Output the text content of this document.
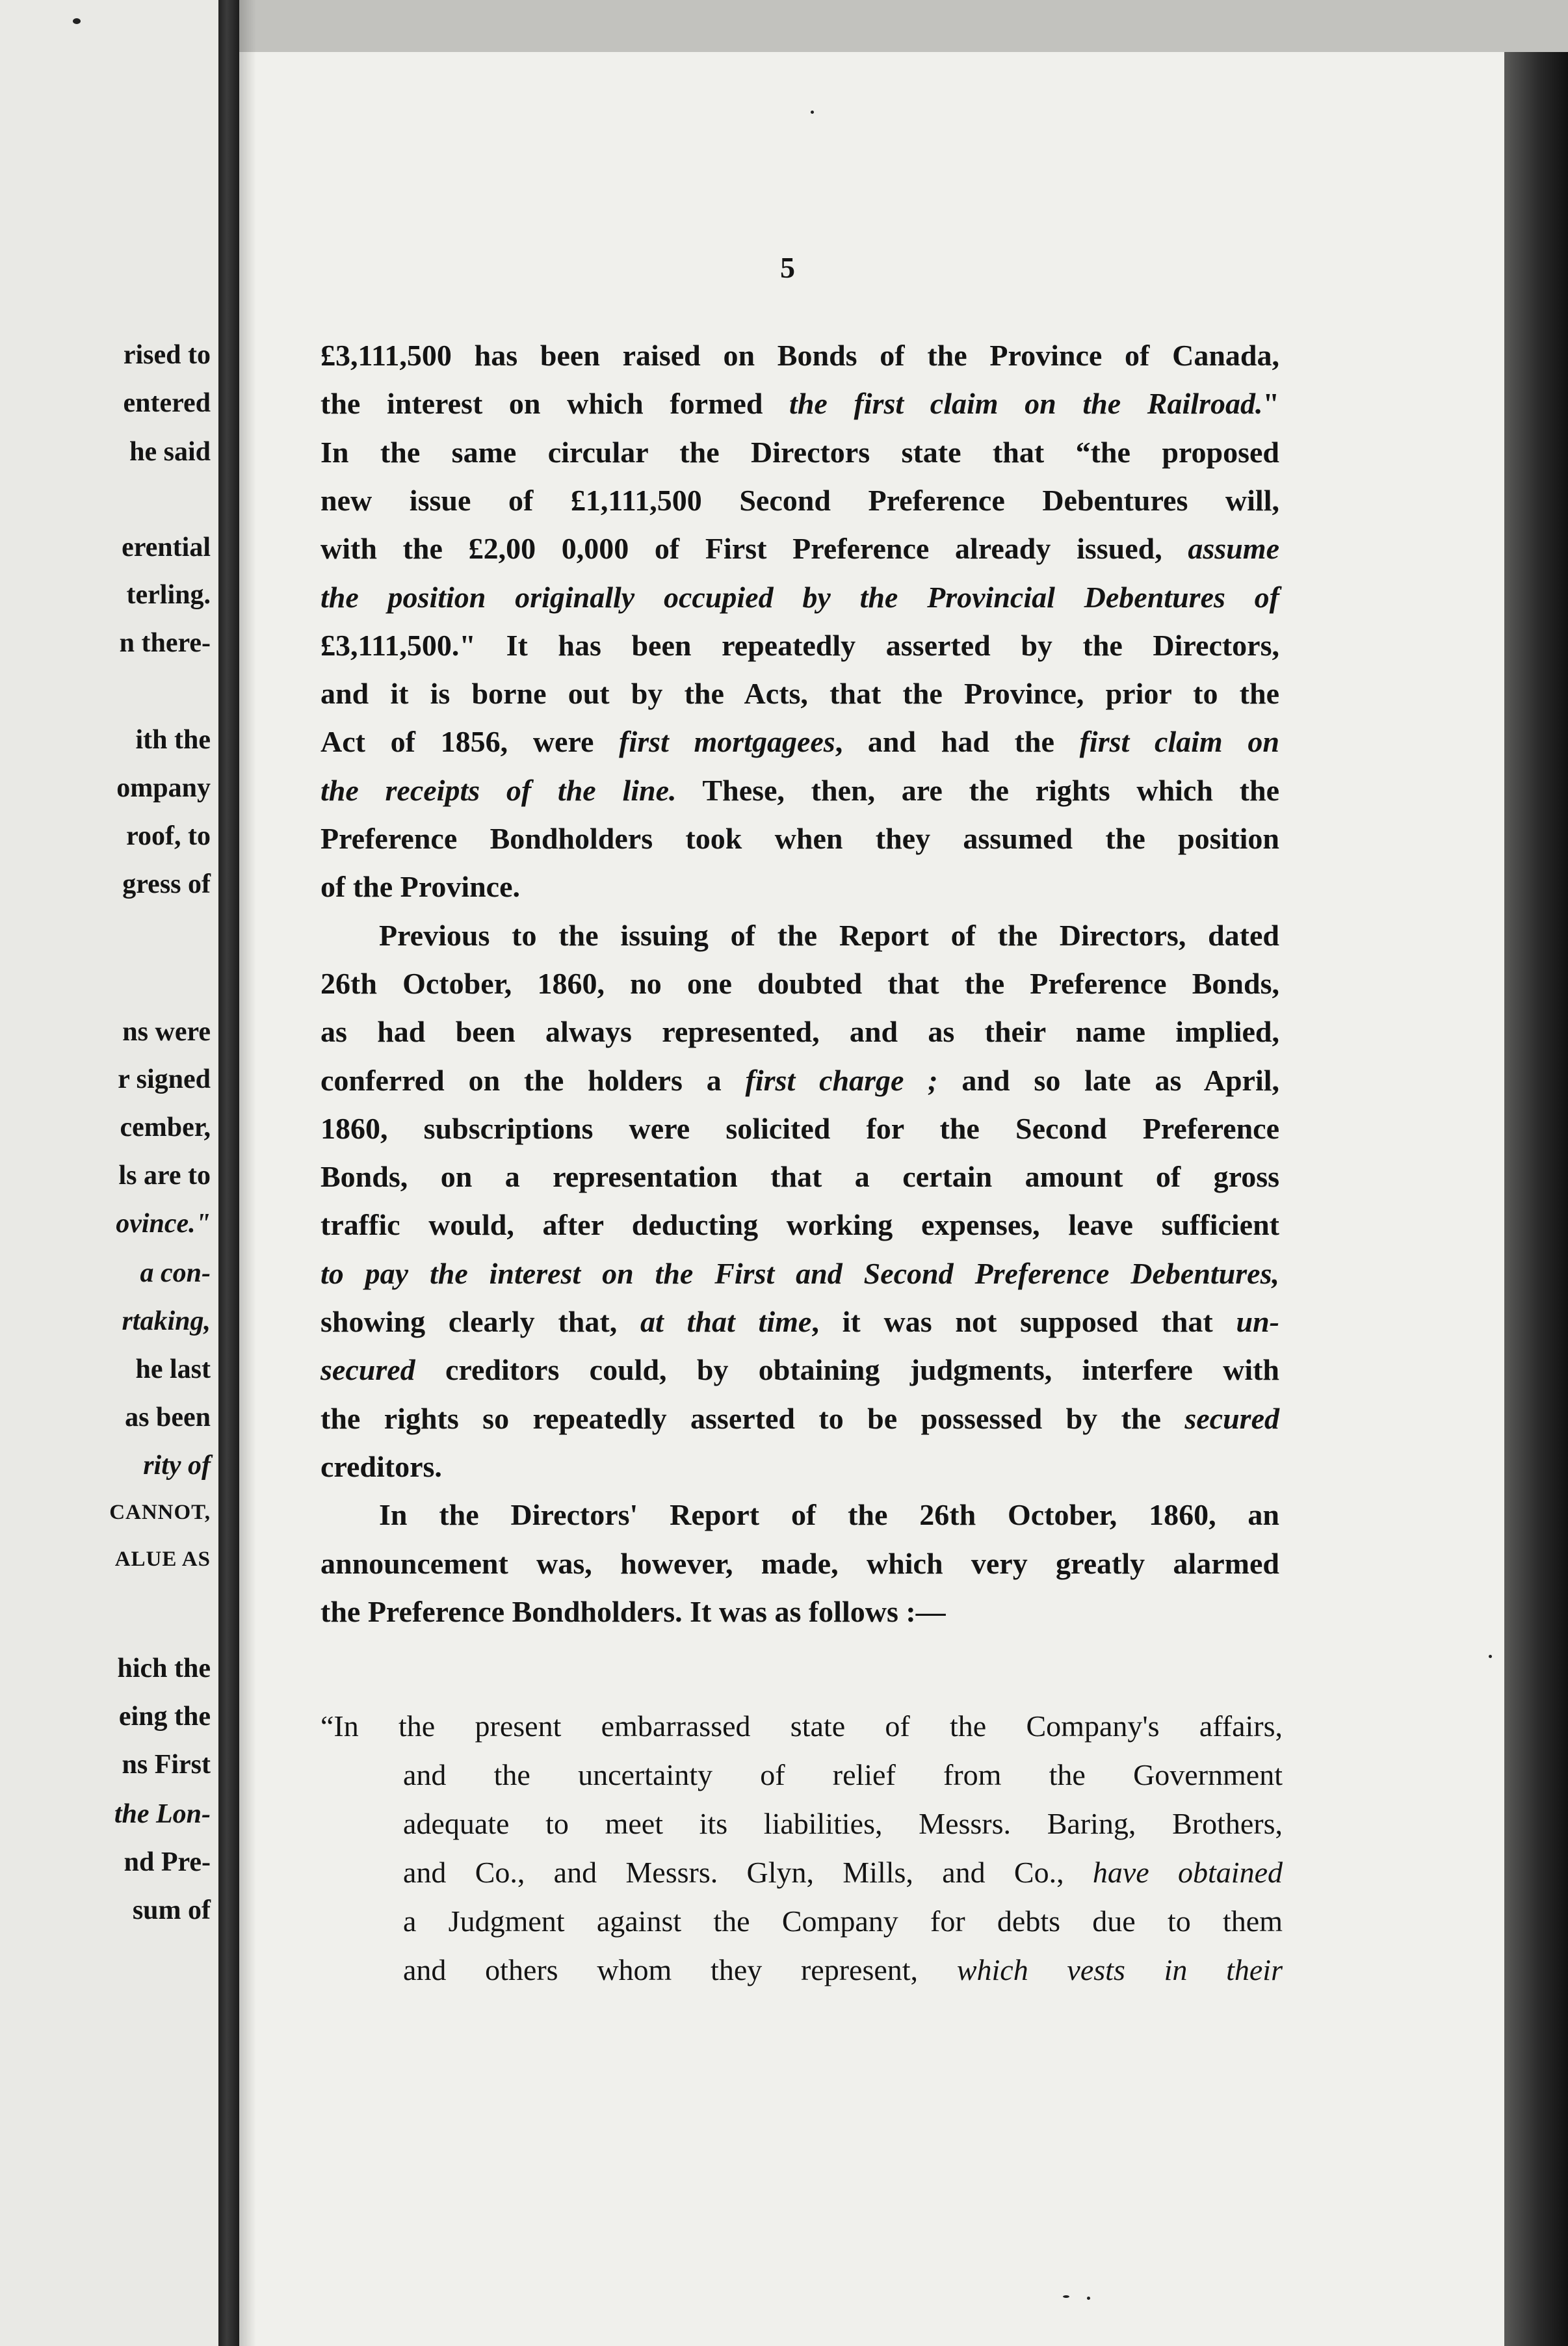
rised to
entered
he said
erential
terling.
n there-
ith the
ompany
roof, to
gress of
ns were
r signed
cember,
ls are to
ovince."
a con-
rtaking,
he last
as been
rity of
CANNOT,
ALUE AS
hich the
eing the
ns First
the Lon-
nd Pre-
sum of
5
£3,111,500 has been raised on Bonds of the Province of Canada,
the interest on which formed the first claim on the Railroad."
In the same circular the Directors state that “the proposed
new issue of £1,111,500 Second Preference Debentures will,
with the £2,00 0,000 of First Preference already issued, assume
the position originally occupied by the Provincial Debentures of
£3,111,500." It has been repeatedly asserted by the Directors,
and it is borne out by the Acts, that the Province, prior to the
Act of 1856, were first mortgagees, and had the first claim on
the receipts of the line. These, then, are the rights which the
Preference Bondholders took when they assumed the position
of the Province.
Previous to the issuing of the Report of the Directors, dated
26th October, 1860, no one doubted that the Preference Bonds,
as had been always represented, and as their name implied,
conferred on the holders a first charge ; and so late as April,
1860, subscriptions were solicited for the Second Preference
Bonds, on a representation that a certain amount of gross
traffic would, after deducting working expenses, leave sufficient
to pay the interest on the First and Second Preference Debentures,
showing clearly that, at that time, it was not supposed that un-
secured creditors could, by obtaining judgments, interfere with
the rights so repeatedly asserted to be possessed by the secured
creditors.
In the Directors' Report of the 26th October, 1860, an
announcement was, however, made, which very greatly alarmed
the Preference Bondholders. It was as follows :—
“In the present embarrassed state of the Company's affairs,
and the uncertainty of relief from the Government
adequate to meet its liabilities, Messrs. Baring, Brothers,
and Co., and Messrs. Glyn, Mills, and Co., have obtained
a Judgment against the Company for debts due to them
and others whom they represent, which vests in their
